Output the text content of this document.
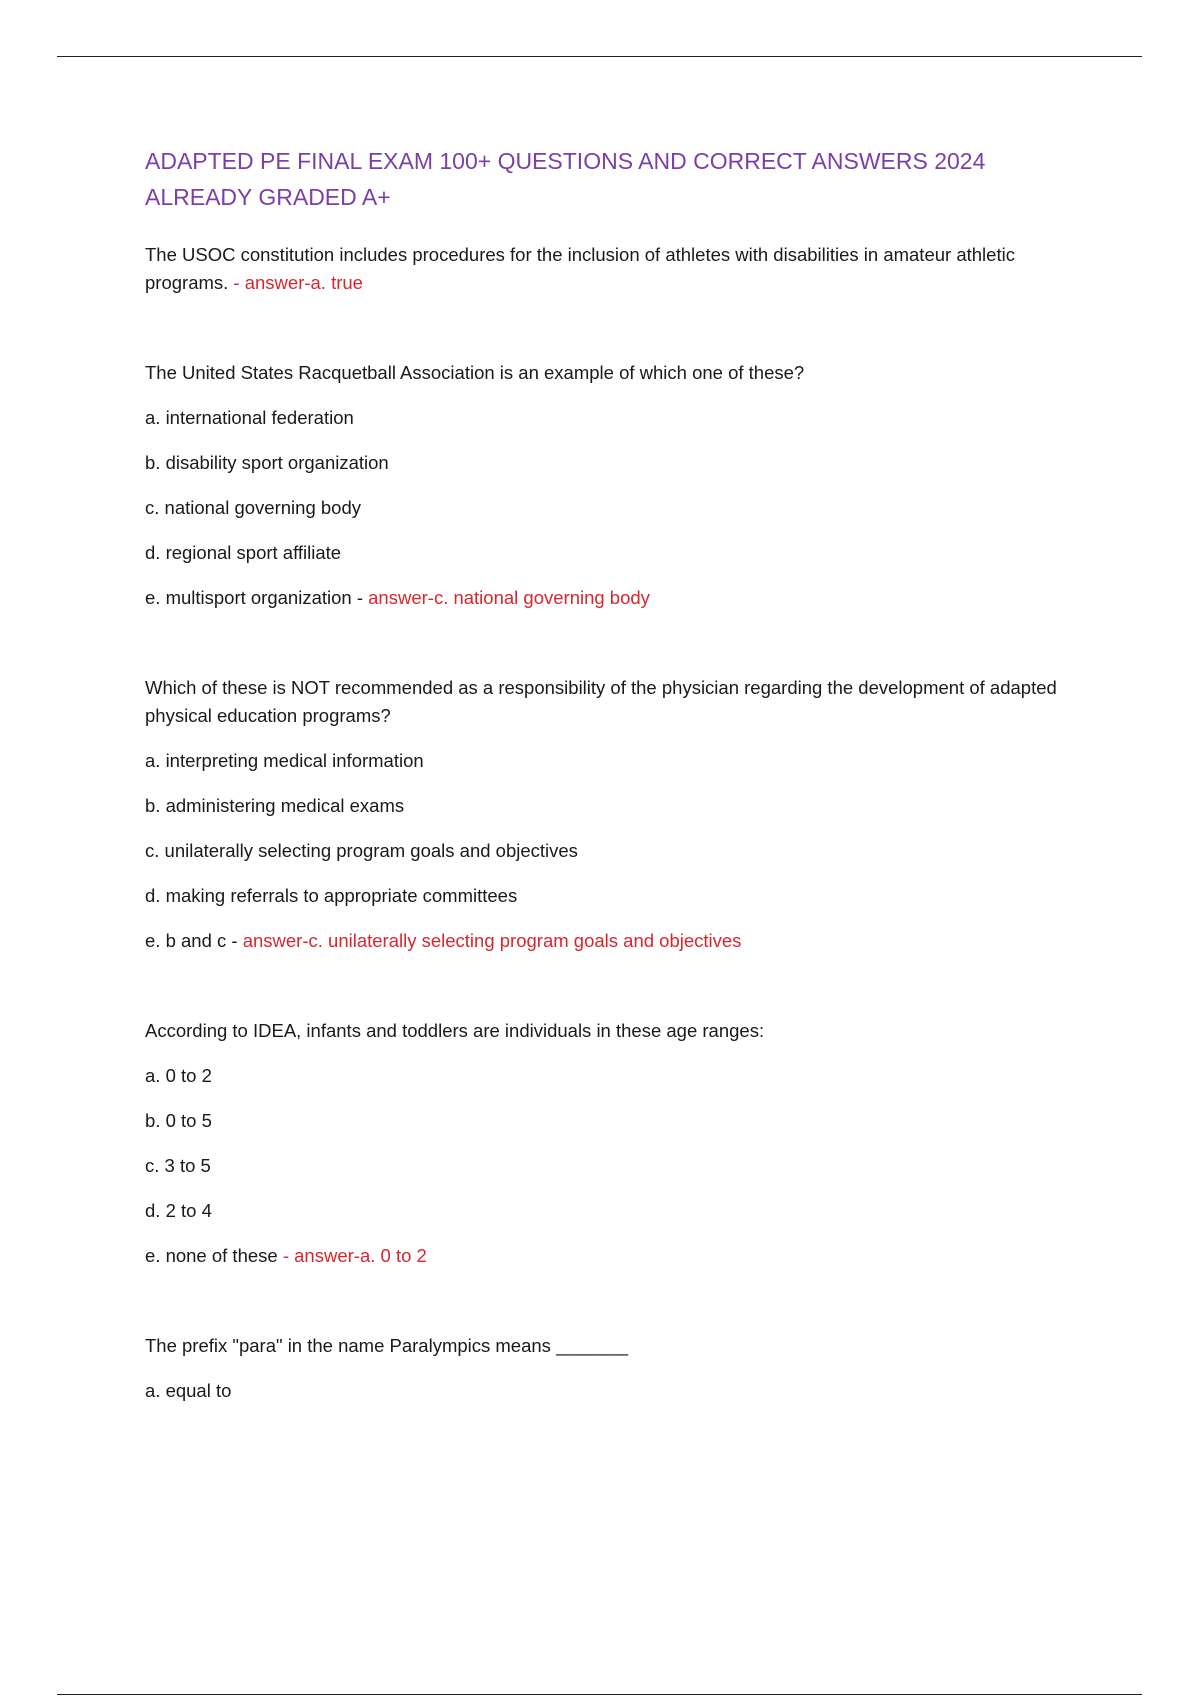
ADAPTED PE FINAL EXAM 100+ QUESTIONS AND CORRECT ANSWERS 2024
ALREADY GRADED A+

The USOC constitution includes procedures for the inclusion of athletes with disabilities in amateur athletic programs. - answer-a. true

The United States Racquetball Association is an example of which one of these?

a. international federation
b. disability sport organization
c. national governing body
d. regional sport affiliate
e. multisport organization - answer-c. national governing body

Which of these is NOT recommended as a responsibility of the physician regarding the development of adapted physical education programs?

a. interpreting medical information
b. administering medical exams
c. unilaterally selecting program goals and objectives
d. making referrals to appropriate committees
e. b and c - answer-c. unilaterally selecting program goals and objectives

According to IDEA, infants and toddlers are individuals in these age ranges:

a. 0 to 2
b. 0 to 5
c. 3 to 5
d. 2 to 4
e. none of these - answer-a. 0 to 2

The prefix "para" in the name Paralympics means _______

a. equal to
